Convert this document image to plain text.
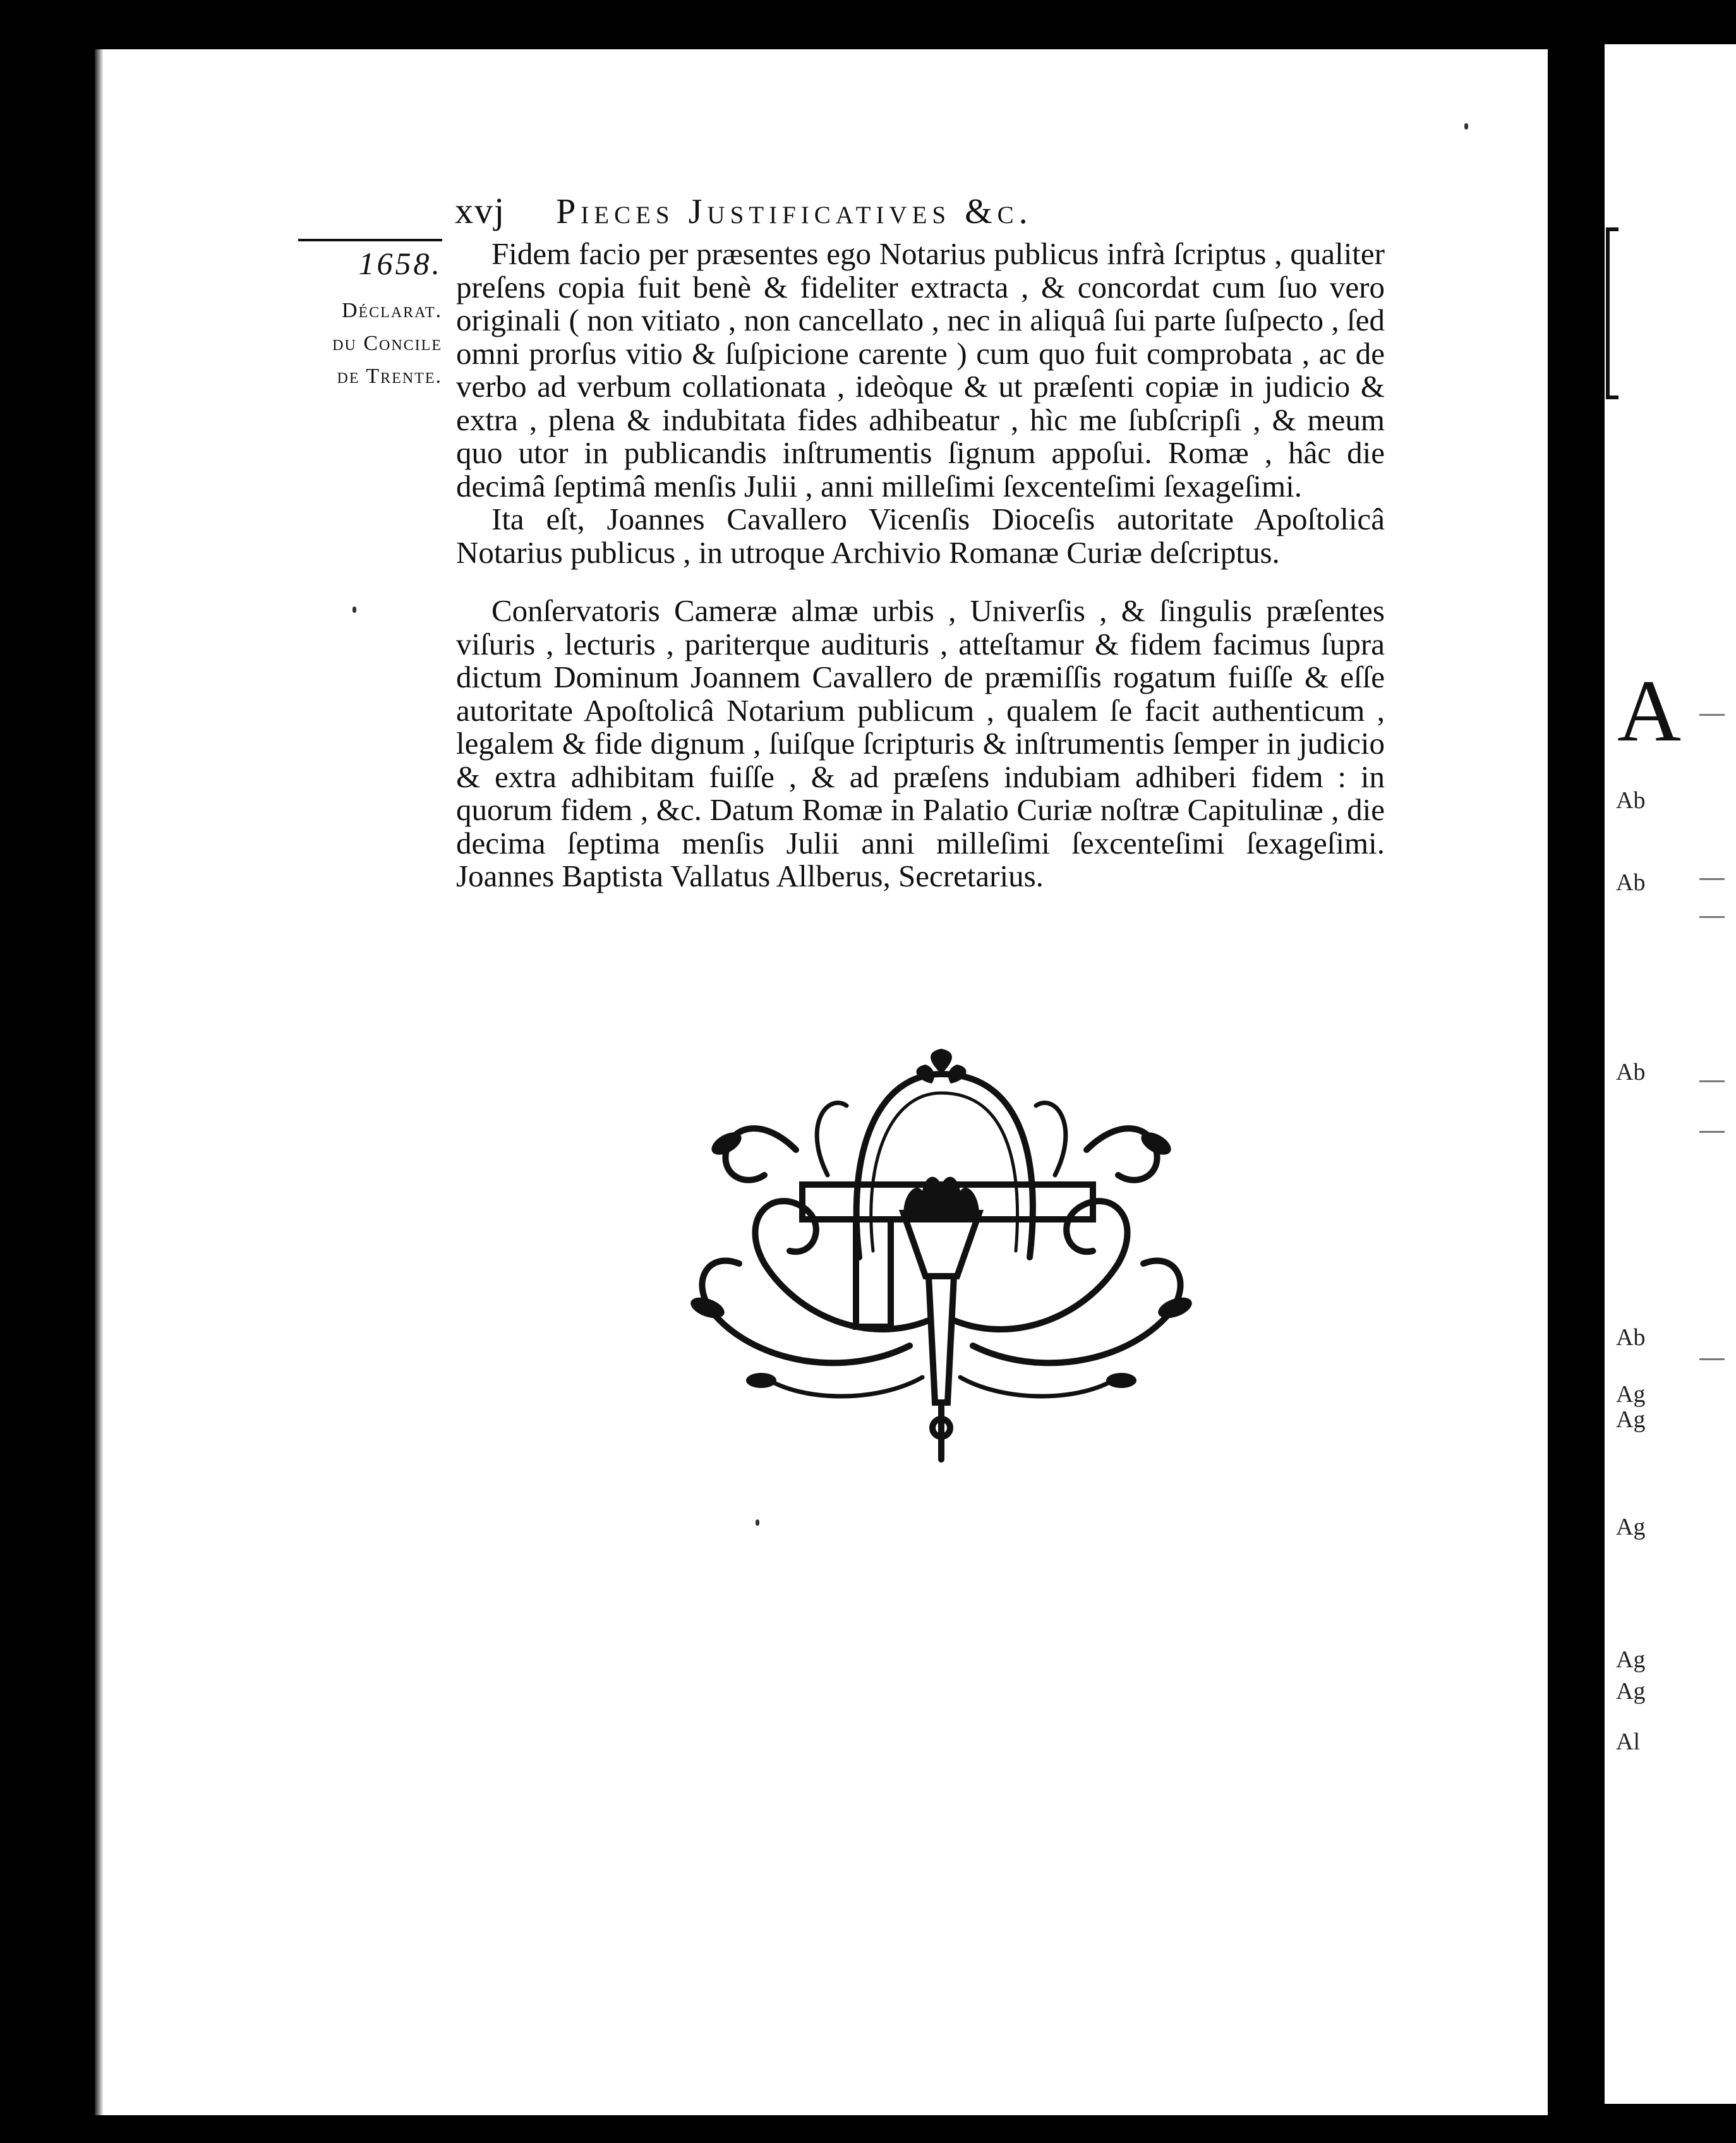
A
Ab
Ab
Ab
Ab
Ag
Ag
Ag
Ag
Ag
Al
xvj Pieces Justificatives &c.
1658.
Déclarat.
du Concile
de Trente.

Fidem facio per præsentes ego Notarius publicus infrà ſcriptus , qualiter preſens copia fuit benè & fideliter extracta , & concordat cum ſuo vero originali ( non vitiato , non cancellato , nec in aliquâ ſui parte ſuſpecto , ſed omni prorſus vitio & ſuſpicione carente ) cum quo fuit comprobata , ac de verbo ad verbum collationata , ideòque & ut præſenti copiæ in judicio & extra , plena & indubitata fides adhibeatur , hìc me ſubſcripſi , & meum quo utor in publicandis inſtrumentis ſignum appoſui. Romæ , hâc die decimâ ſeptimâ menſis Julii , anni milleſimi ſexcenteſimi ſexageſimi.

Ita eſt, Joannes Cavallero Vicenſis Dioceſis autoritate Apoſtolicâ Notarius publicus , in utroque Archivio Romanæ Curiæ deſcriptus.

Conſervatoris Cameræ almæ urbis , Univerſis , & ſingulis præſentes viſuris , lecturis , pariterque audituris , atteſtamur & fidem facimus ſupra dictum Dominum Joannem Cavallero de præmiſſis rogatum fuiſſe & eſſe autoritate Apoſtolicâ Notarium publicum , qualem ſe facit authenticum , legalem & fide dignum , ſuiſque ſcripturis & inſtrumentis ſemper in judicio & extra adhibitam fuiſſe , & ad præſens indubiam adhiberi fidem : in quorum fidem , &c. Datum Romæ in Palatio Curiæ noſtræ Capitulinæ , die decima ſeptima menſis Julii anni milleſimi ſexcenteſimi ſexageſimi. Joannes Baptista Vallatus Allberus, Secretarius.
